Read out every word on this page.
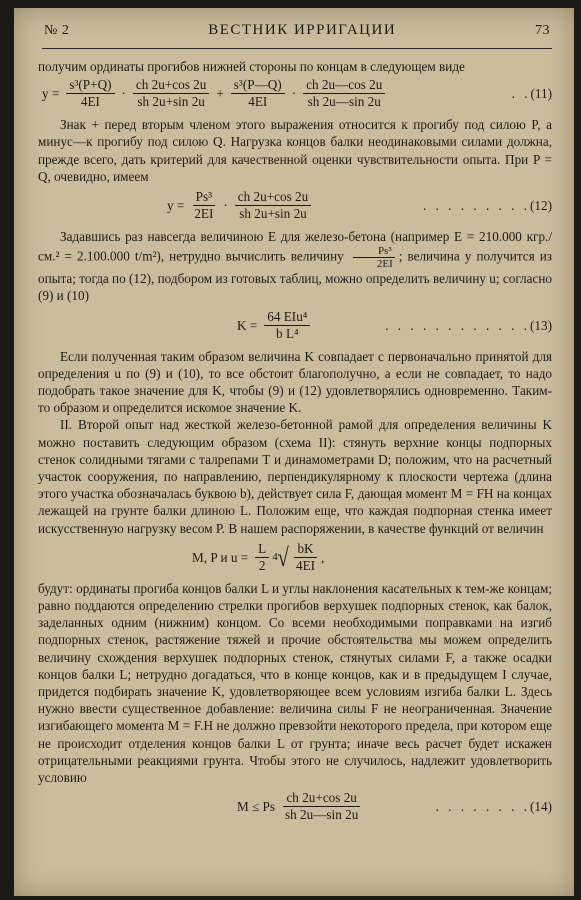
№ 2	ВЕСТНИК ИРРИГАЦИИ	73

получим ординаты прогибов нижней стороны по концам в следующем виде

$y = \frac{\text{s³(P+Q)}}{4EI}$ ·
ch 2u+cos 2u
sh 2u+sin 2u
+ $\frac{\text{s³(P—Q)}}{4EI}$ ·
ch 2u—cos 2u
sh 2u—sin 2u
. .(11)

Знак + перед вторым членом этого выражения относится к прогибу под силою P, а минус—к прогибу под силою Q. Нагрузка концов балки неодинаковыми силами должна, прежде всего, дать критерий для качественной оценки чувствительности опыта. При P = Q, очевидно, имеем

$y = \frac{\text{Ps³}}{2EI}$ ·
ch 2u+cos 2u
sh 2u+sin 2u
. . . . . . . . .(12)

Задавшись раз навсегда величиною E для железо-бетона (например E = 210.000 кгр./см.² = 2.100.000 t/m²), нетрудно вычислить величину $\frac{\text{Ps³}}{2EI}$ ; величина y получится из опыта; тогда по (12), подбором из готовых таблиц, можно определить величину u; согласно (9) и (10)

K =
64 EIu⁴
b L⁴
. . . . . . . . . . . .(13)

Если полученная таким образом величина K совпадает с первоначально принятой для определения u по (9) и (10), то все обстоит благополучно, а если не совпадает, то надо подобрать такое значение для K, чтобы (9) и (12) удовлетворялись одновременно. Таким-то образом и определится искомое значение K.

II. Второй опыт над жесткой железо-бетонной рамой для определения величины K можно поставить следующим образом (схема II): стянуть верхние концы подпорных стенок солидными тягами с талрепами T и динамометрами D; положим, что на расчетный участок сооружения, по направлению, перпендикулярному к плоскости чертежа (длина этого участка обозначалась буквою b), действует сила F, дающая момент M = FH на концах лежащей на грунте балки длиною L. Положим еще, что каждая подпорная стенка имеет искусственную нагрузку весом P. В нашем распоряжении, в качестве функций от величин

M, P и $u = \frac{L}{2} 4$ √ bK
4EI
,

будут: ординаты прогиба концов балки L и углы наклонения касательных к тем-же концам; равно поддаются определению стрелки прогибов верхушек подпорных стенок, как балок, заделанных одним (нижним) концом. Со всеми необходимыми поправками на изгиб подпорных стенок, растяжение тяжей и прочие обстоятельства мы можем определить величину схождения верхушек подпорных стенок, стянутых силами F, а также осадки концов балки L; нетрудно догадаться, что в конце концов, как и в предыдущем I случае, придется подбирать значение K, удовлетворяющее всем условиям изгиба балки L. Здесь нужно ввести существенное добавление: величина силы F не неограниченная. Значение изгибающего момента M = F.H не должно превзойти некоторого предела, при котором еще не происходит отделения концов балки L от грунта; иначе весь расчет будет искажен отрицательными реакциями грунта. Чтобы этого не случилось, надлежит удовлетворить условию

M ≤ Ps
ch 2u+cos 2u
sh 2u—sin 2u
. . . . . . . .(14)
